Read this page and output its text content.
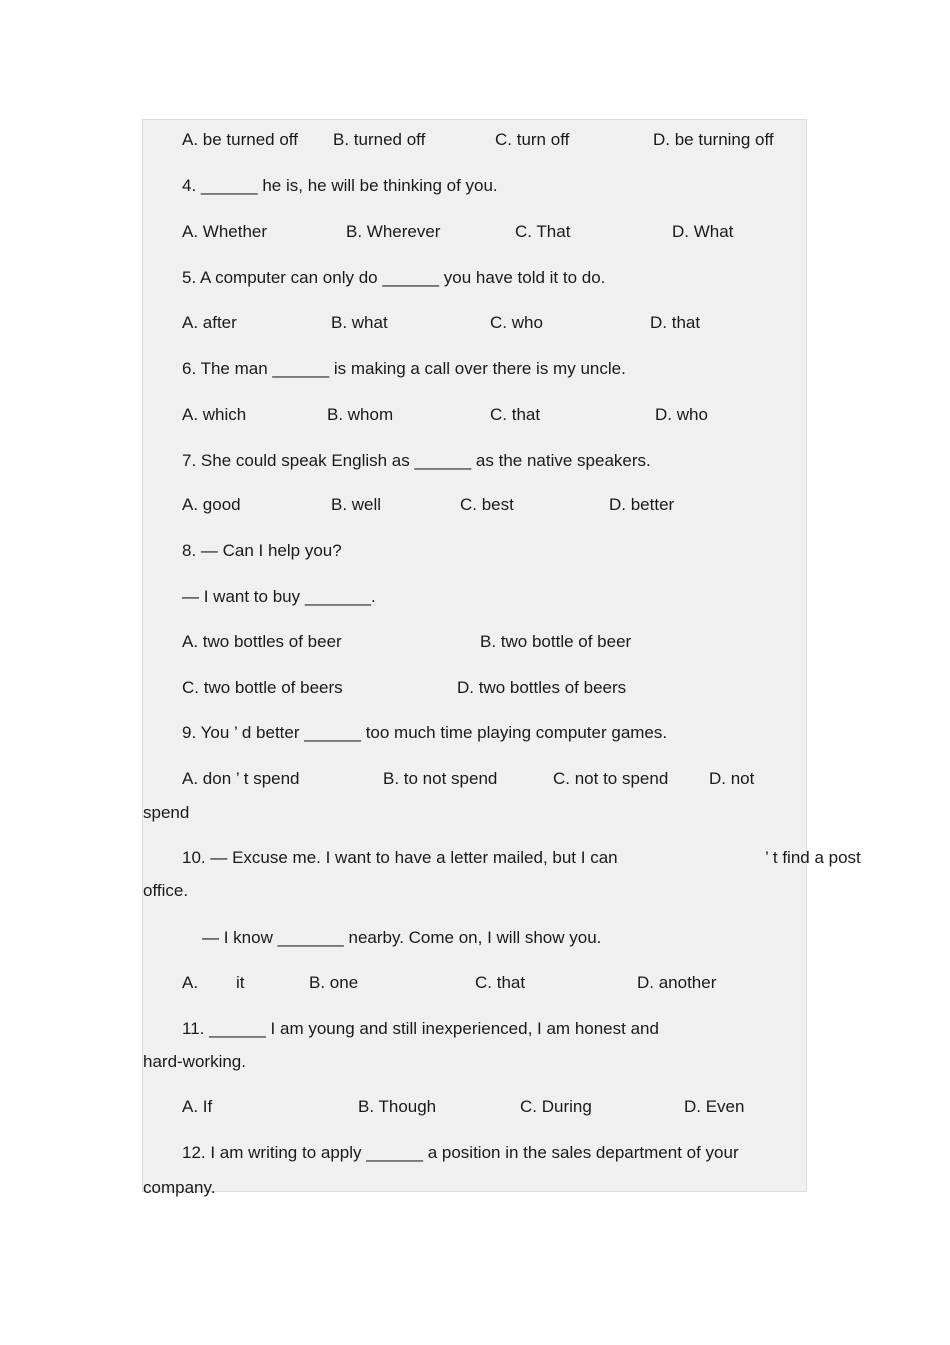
A. be turned off B. turned off	C. turn off	D. be turning off
4. ______ he is, he will be thinking of you.
A. Whether	B. Wherever	C. That	D. What
5. A computer can only do ______ you have told it to do.
A. after	B. what	C. who	D. that
6. The man ______ is making a call over there is my uncle.
A. which	B. whom	C. that	D. who
7. She could speak English as ______ as the native speakers.
A. good	B. well	C. best	D. better
8. — Can I help you?
— I want to buy _______.
A. two bottles of beer	B. two bottle of beer
C. two bottle of beers	D. two bottles of beers
9. You ’ d better ______ too much time playing computer games.
A. don ’ t spend	B. to not spend	C. not to spend D. not
spend
10. — Excuse me. I want to have a letter mailed, but I can	’ t find a post
office.
— I know _______ nearby. Come on, I will show you.
A. it	B. one	C. that	D. another
11. ______ I am young and still inexperienced, I am honest and
hard-working.
A. If	B. Though	C. During	D. Even
12. I am writing to apply ______ a position in the sales department of your
company.
